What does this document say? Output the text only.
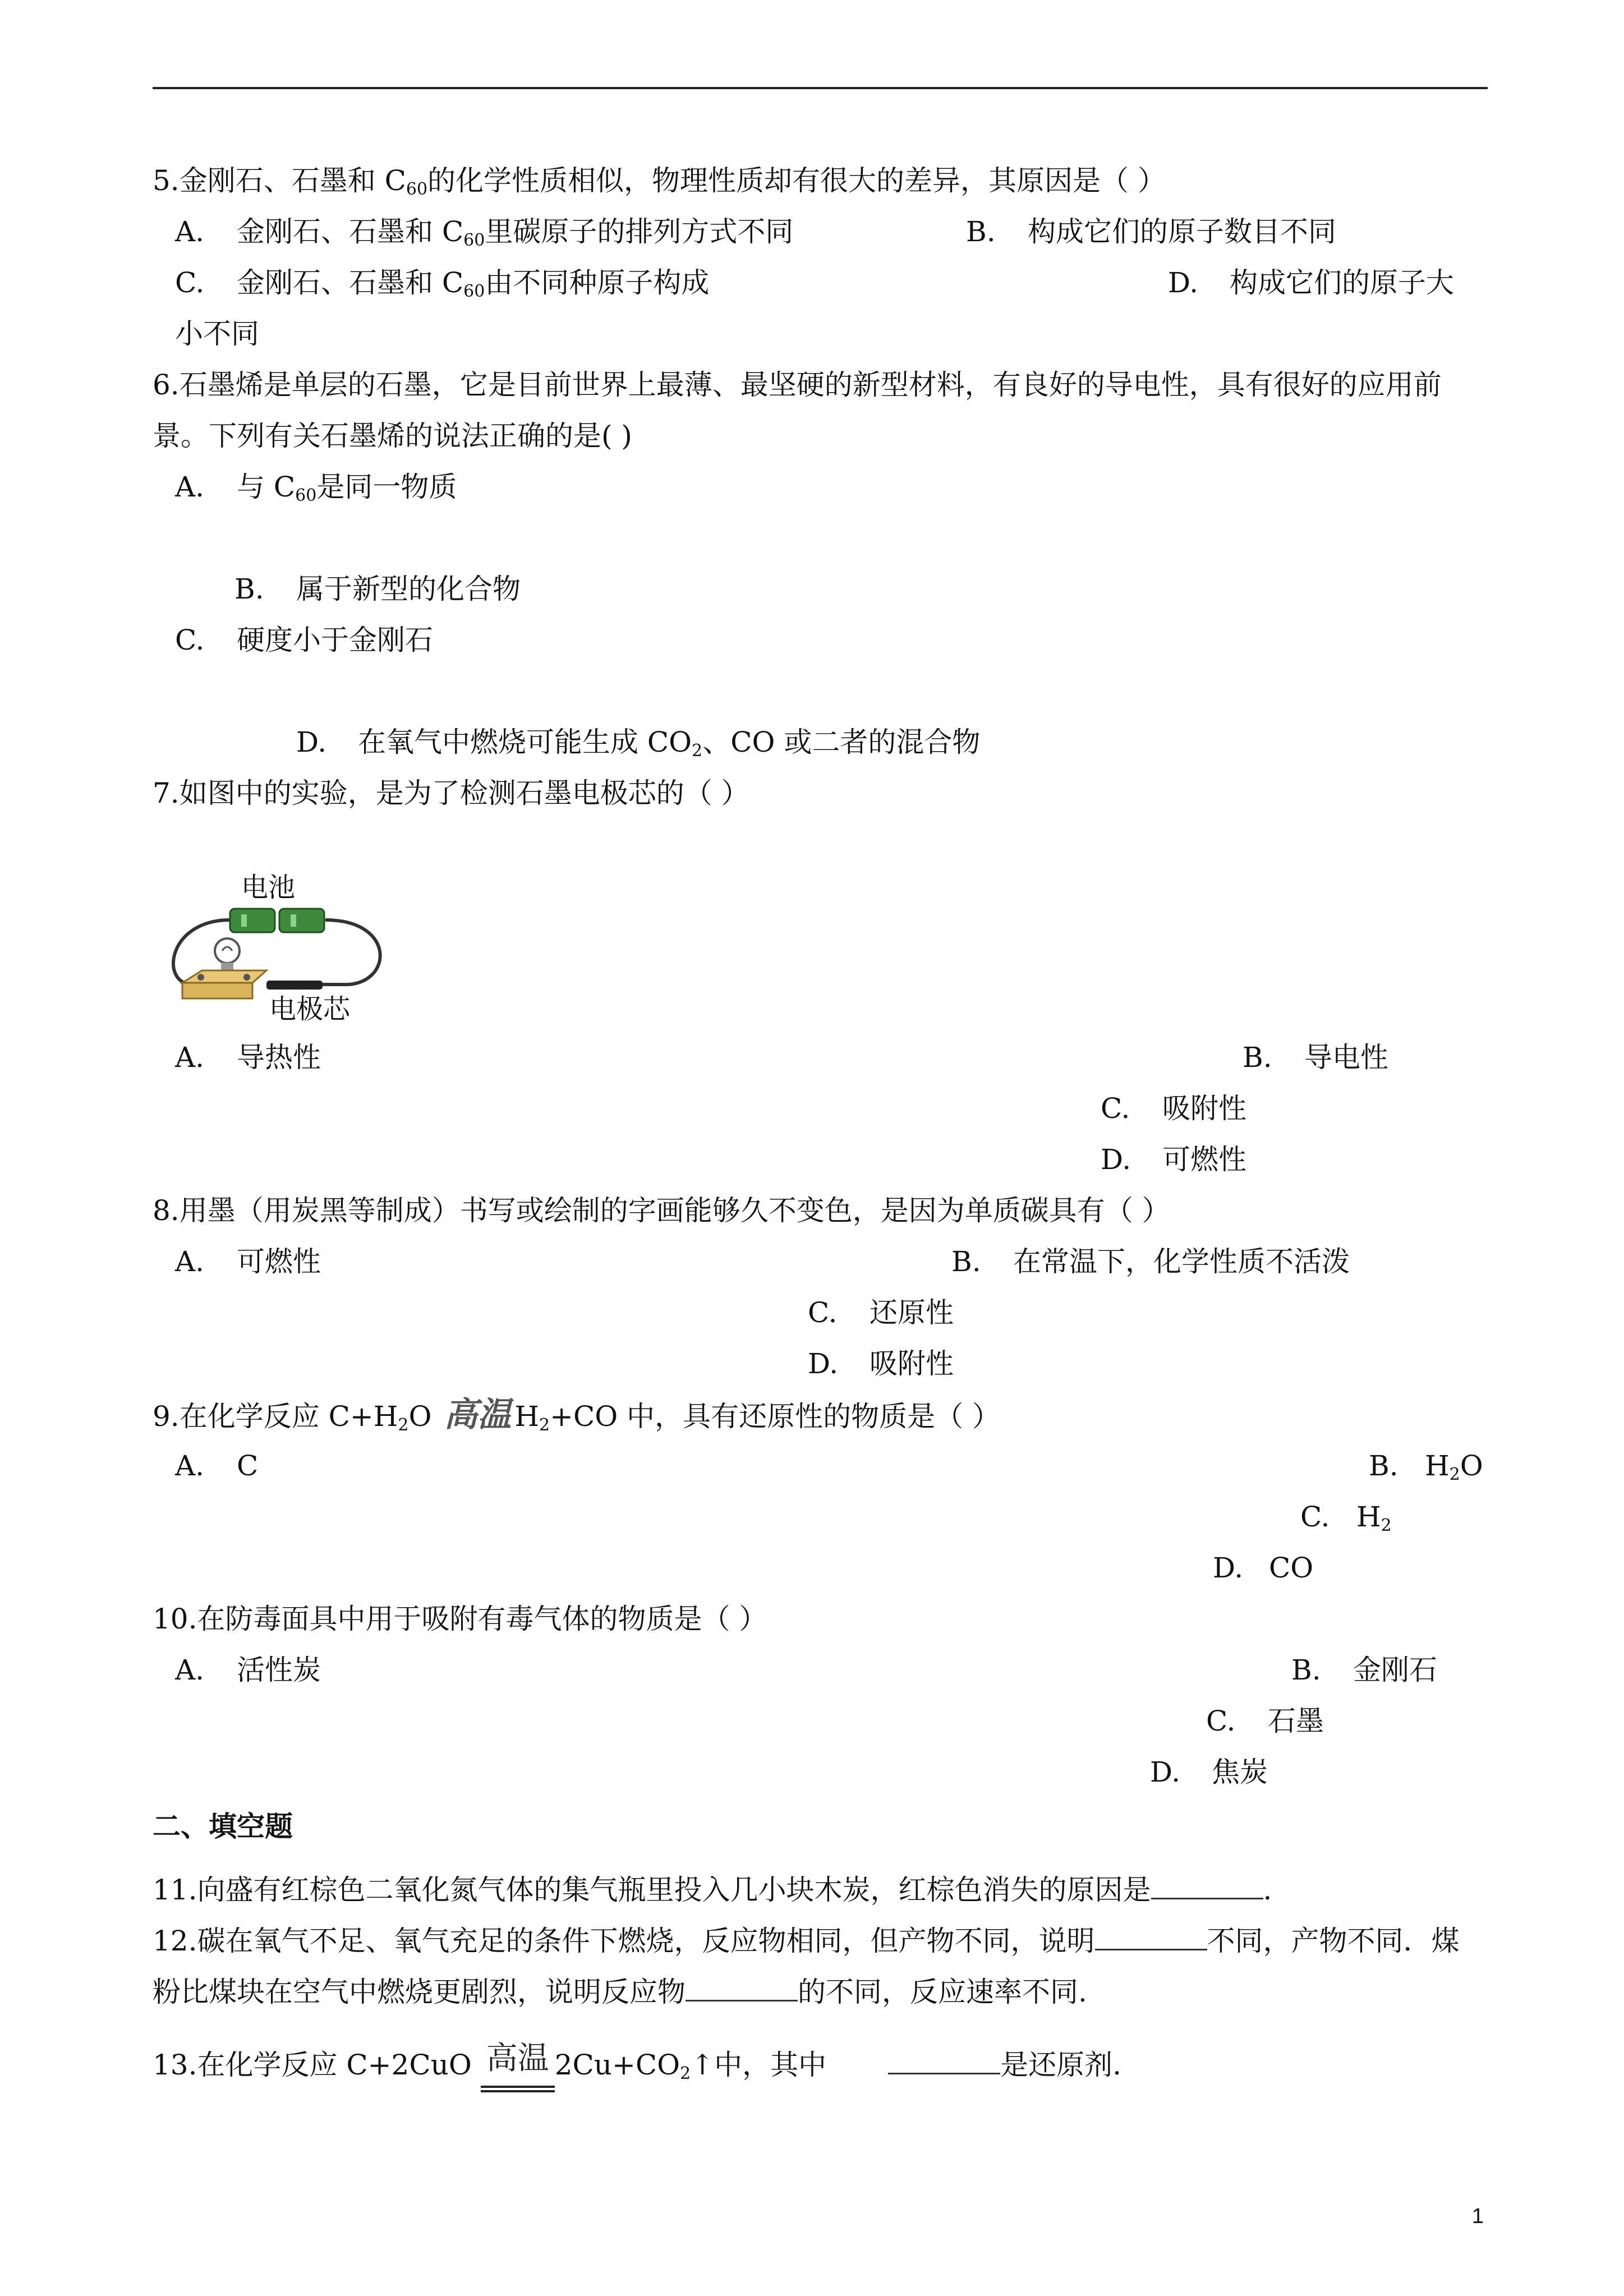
5.金刚石、石墨和 $C_{60}$的化学性质相似，物理性质却有很大的差异，其原因是（ ）
A. 金刚石、石墨和 $C_{60}$里碳原子的排列方式不同	B. 构成它们的原子数目不同
C. 金刚石、石墨和 $C_{60}$由不同种原子构成	D. 构成它们的原子大
小不同
6.石墨烯是单层的石墨，它是目前世界上最薄、最坚硬的新型材料，有良好的导电性，具有很好的应用前
景。下列有关石墨烯的说法正确的是( )
A. 与 $C_{60}$是同一物质
B. 属于新型的化合物
C. 硬度小于金刚石
D. 在氧气中燃烧可能生成 $CO_2$、CO 或二者的混合物
7.如图中的实验，是为了检测石墨电极芯的（ ）
电池
电极芯
A. 导热性	B. 导电性
C. 吸附性
D. 可燃性
8.用墨（用炭黑等制成）书写或绘制的字画能够久不变色，是因为单质碳具有（ ）
A. 可燃性	B. 在常温下，化学性质不活泼
C. 还原性
D. 吸附性
9.在化学反应 $C+H_2O$ 高温 $H_2+CO$ 中，具有还原性的物质是（ ）
A. C	B. $H_2O$
C. $H_2$
D. CO
10.在防毒面具中用于吸附有毒气体的物质是（ ）
A. 活性炭	B. 金刚石
C. 石墨
D. 焦炭
二、填空题
11.向盛有红棕色二氧化氮气体的集气瓶里投入几小块木炭，红棕色消失的原因是	.
12.碳在氧气不足、氧气充足的条件下燃烧，反应物相同，但产物不同，说明	不同，产物不同．煤
粉比煤块在空气中燃烧更剧烈，说明反应物	的不同，反应速率不同.
13.在化学反应 C+2CuO 高温 $2Cu+CO_2↑$中，其中	是还原剂.
1
